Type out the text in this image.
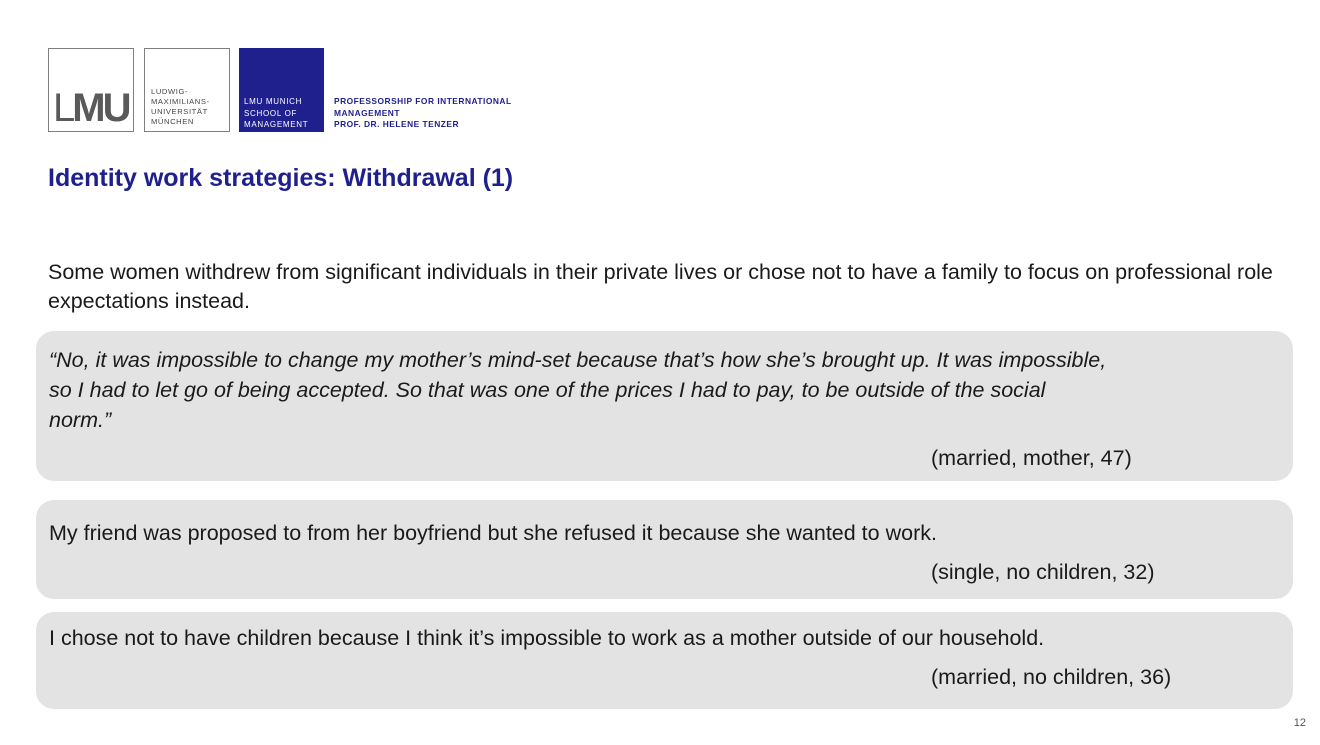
LMU	LUDWIG-
MAXIMILIANS-
UNIVERSITÄT
MÜNCHEN
LMU MUNICH
SCHOOL OF
MANAGEMENT
PROFESSORSHIP FOR INTERNATIONAL
MANAGEMENT
PROF. DR. HELENE TENZER
Identity work strategies: Withdrawal (1)
Some women withdrew from significant individuals in their private lives or chose not to have a family to focus on professional role expectations instead.
“No, it was impossible to change my mother’s mind-set because that’s how she’s brought up. It was impossible,
so I had to let go of being accepted. So that was one of the prices I had to pay, to be outside of the social
norm.”
(married, mother, 47)
My friend was proposed to from her boyfriend but she refused it because she wanted to work.
(single, no children, 32)
I chose not to have children because I think it’s impossible to work as a mother outside of our household.
(married, no children, 36)
12
